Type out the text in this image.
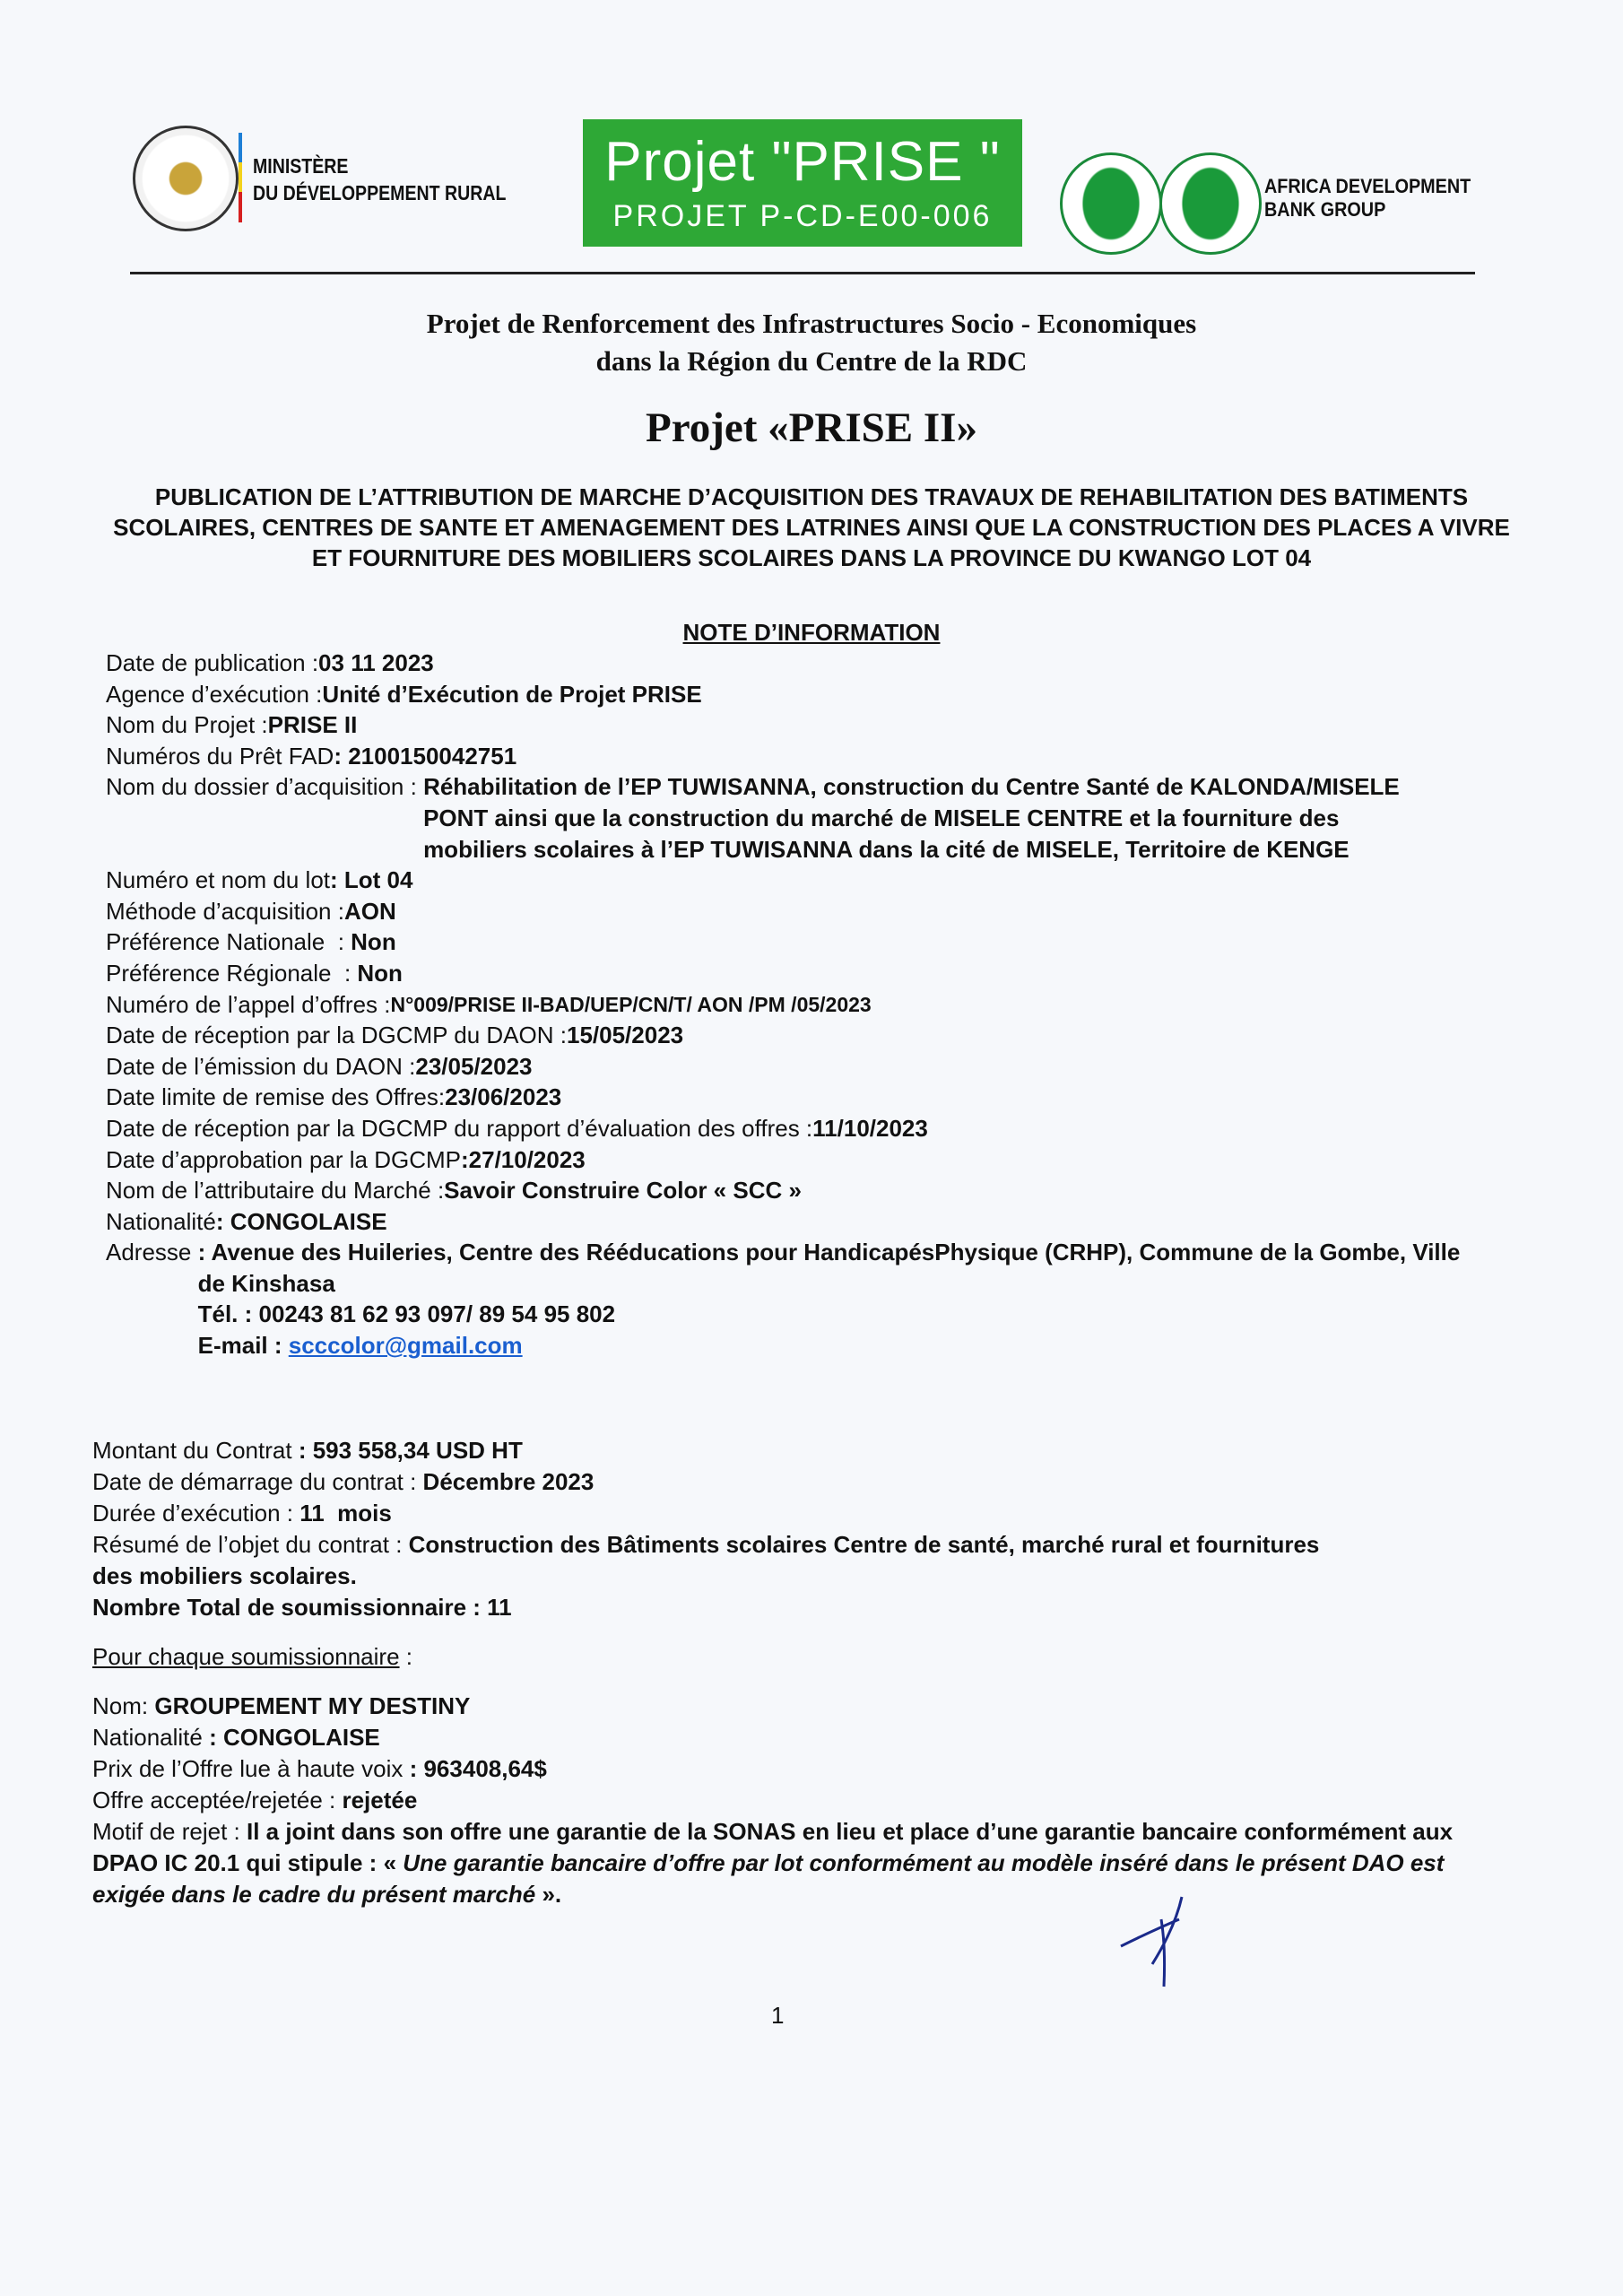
MINISTÈRE
DU DÉVELOPPEMENT RURAL	Projet "PRISE "
PROJET P-CD-E00-006
AFRICA DEVELOPMENT
BANK GROUP
Projet de Renforcement des Infrastructures Socio - Economiques
dans la Région du Centre de la RDC
Projet «PRISE II»
PUBLICATION DE L’ATTRIBUTION DE MARCHE D’ACQUISITION DES TRAVAUX DE REHABILITATION DES BATIMENTS SCOLAIRES, CENTRES DE SANTE ET AMENAGEMENT DES LATRINES AINSI QUE LA CONSTRUCTION DES PLACES A VIVRE ET FOURNITURE DES MOBILIERS SCOLAIRES DANS LA PROVINCE DU KWANGO LOT 04
NOTE D’INFORMATION
Date de publication : 03 11 2023
Agence d’exécution : Unité d’Exécution de Projet PRISE
Nom du Projet : PRISE II
Numéros du Prêt FAD : 2100150042751
Nom du dossier d’acquisition : Réhabilitation de l’EP TUWISANNA, construction du Centre Santé de KALONDA/MISELE PONT ainsi que la construction du marché de MISELE CENTRE et la fourniture des mobiliers scolaires à l’EP TUWISANNA dans la cité de MISELE, Territoire de KENGE
Numéro et nom du lot : Lot 04
Méthode d’acquisition : AON
Préférence Nationale  : Non
Préférence Régionale  : Non
Numéro de l’appel d’offres : N°009/PRISE II-BAD/UEP/CN/T/ AON /PM /05/2023
Date de réception par la DGCMP du DAON : 15/05/2023
Date de l’émission du DAON : 23/05/2023
Date limite de remise des Offres: 23/06/2023
Date de réception par la DGCMP du rapport d’évaluation des offres : 11/10/2023
Date d’approbation par la DGCMP :27/10/2023
Nom de l’attributaire du Marché : Savoir Construire Color « SCC »
Nationalité : CONGOLAISE
Adresse : Avenue des Huileries, Centre des Rééducations pour HandicapésPhysique (CRHP), Commune de la Gombe, Ville de Kinshasa
Tél. : 00243 81 62 93 097/ 89 54 95 802
E-mail : scccolor@gmail.com

Montant du Contrat : 593 558,34 USD HT

Date de démarrage du contrat : Décembre 2023

Durée d’exécution : 11  mois

Résumé de l’objet du contrat : Construction des Bâtiments scolaires Centre de santé, marché rural et fournitures des mobiliers scolaires.

Nombre Total de soumissionnaire : 11

Pour chaque soumissionnaire :

Nom: GROUPEMENT MY DESTINY

Nationalité : CONGOLAISE

Prix de l’Offre lue à haute voix : 963408,64$

Offre acceptée/rejetée : rejetée

Motif de rejet : Il a joint dans son offre une garantie de la SONAS en lieu et place d’une garantie bancaire conformément aux DPAO IC 20.1 qui stipule : « Une garantie bancaire d’offre par lot conformément au modèle inséré dans le présent DAO est exigée dans le cadre du présent marché ».

1
